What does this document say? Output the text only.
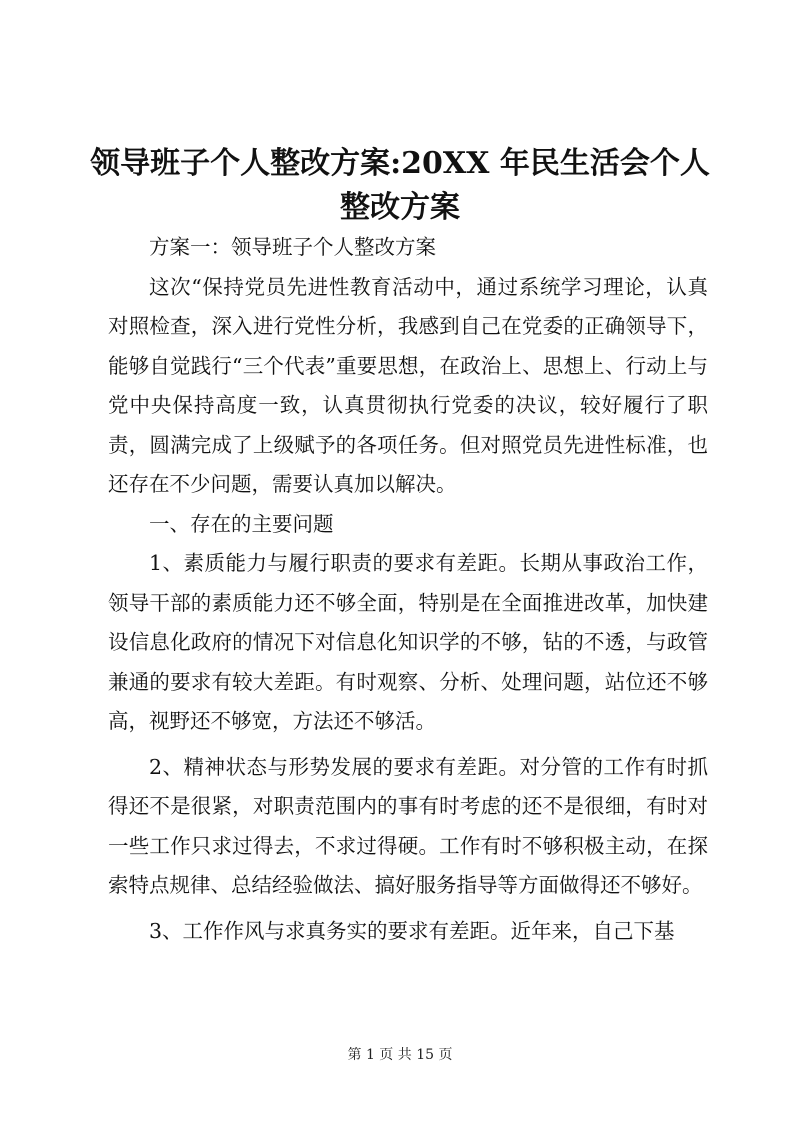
领导班子个人整改方案:20XX 年民生活会个人
整改方案

方案一：领导班子个人整改方案

这次“保持党员先进性教育活动中，通过系统学习理论，认真对照检查，深入进行党性分析，我感到自己在党委的正确领导下，能够自觉践行“三个代表”重要思想，在政治上、思想上、行动上与党中央保持高度一致，认真贯彻执行党委的决议，较好履行了职责，圆满完成了上级赋予的各项任务。但对照党员先进性标准，也还存在不少问题，需要认真加以解决。

一、存在的主要问题

1、素质能力与履行职责的要求有差距。长期从事政治工作，领导干部的素质能力还不够全面，特别是在全面推进改革，加快建设信息化政府的情况下对信息化知识学的不够，钻的不透，与政管兼通的要求有较大差距。有时观察、分析、处理问题，站位还不够高，视野还不够宽，方法还不够活。

2、精神状态与形势发展的要求有差距。对分管的工作有时抓得还不是很紧，对职责范围内的事有时考虑的还不是很细，有时对一些工作只求过得去，不求过得硬。工作有时不够积极主动，在探索特点规律、总结经验做法、搞好服务指导等方面做得还不够好。

3、工作作风与求真务实的要求有差距。近年来，自己下基

第 1 页 共 15 页
